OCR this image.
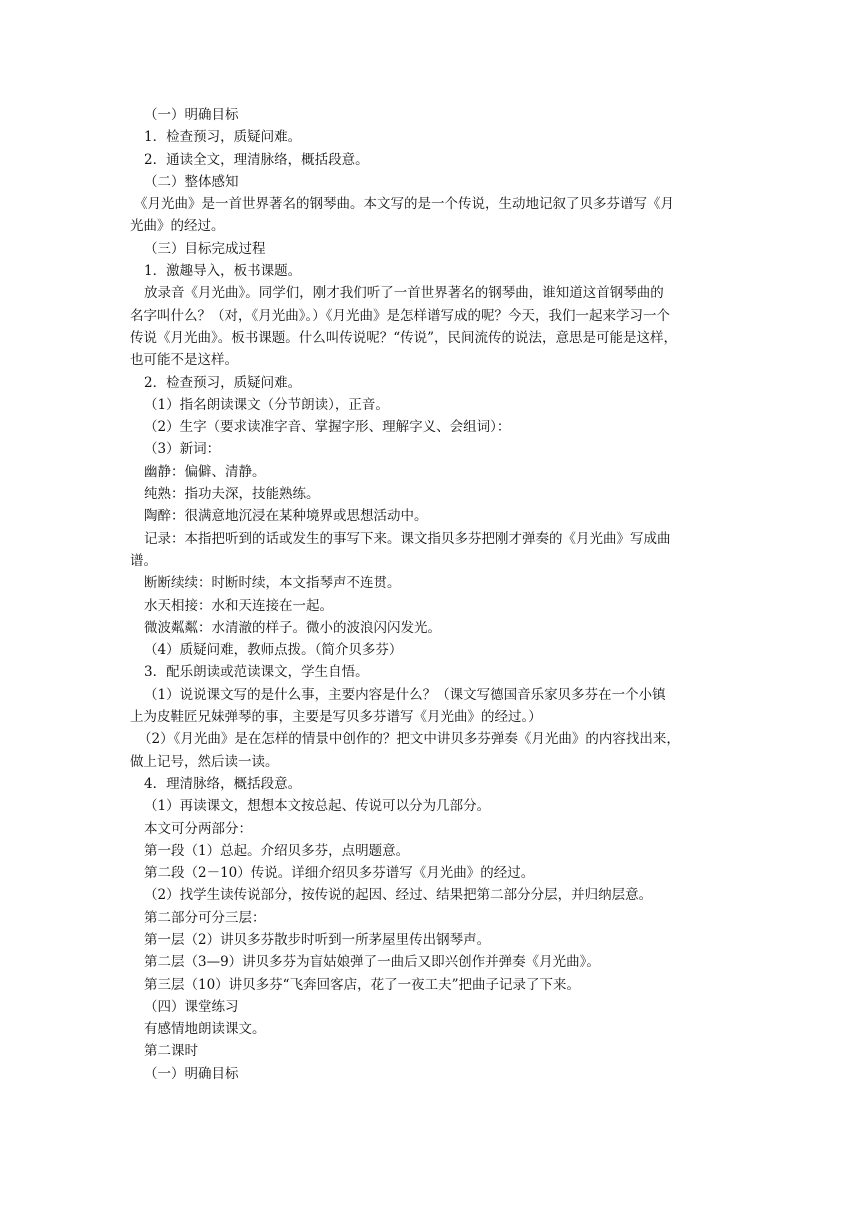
（一）明确目标
1．检查预习，质疑问难。
2．通读全文，理清脉络，概括段意。
（二）整体感知
《月光曲》是一首世界著名的钢琴曲。本文写的是一个传说，生动地记叙了贝多芬谱写《月
光曲》的经过。
（三）目标完成过程
1．激趣导入，板书课题。
放录音《月光曲》。同学们，刚才我们听了一首世界著名的钢琴曲，谁知道这首钢琴曲的
名字叫什么？（对，《月光曲》。）《月光曲》是怎样谱写成的呢？今天，我们一起来学习一个
传说《月光曲》。板书课题。什么叫传说呢？“传说”，民间流传的说法，意思是可能是这样，
也可能不是这样。
2．检查预习，质疑问难。
（1）指名朗读课文（分节朗读），正音。
（2）生字（要求读准字音、掌握字形、理解字义、会组词）：
（3）新词：
幽静：偏僻、清静。
纯熟：指功夫深，技能熟练。
陶醉：很满意地沉浸在某种境界或思想活动中。
记录：本指把听到的话或发生的事写下来。课文指贝多芬把刚才弹奏的《月光曲》写成曲
谱。
断断续续：时断时续，本文指琴声不连贯。
水天相接：水和天连接在一起。
微波粼粼：水清澈的样子。微小的波浪闪闪发光。
（4）质疑问难，教师点拨。（简介贝多芬）
3．配乐朗读或范读课文，学生自悟。
（1）说说课文写的是什么事，主要内容是什么？（课文写德国音乐家贝多芬在一个小镇
上为皮鞋匠兄妹弹琴的事，主要是写贝多芬谱写《月光曲》的经过。）
（2）《月光曲》是在怎样的情景中创作的？把文中讲贝多芬弹奏《月光曲》的内容找出来，
做上记号，然后读一读。
4．理清脉络，概括段意。
（1）再读课文，想想本文按总起、传说可以分为几部分。
本文可分两部分：
第一段（1）总起。介绍贝多芬，点明题意。
第二段（2－10）传说。详细介绍贝多芬谱写《月光曲》的经过。
（2）找学生读传说部分，按传说的起因、经过、结果把第二部分分层，并归纳层意。
第二部分可分三层：
第一层（2）讲贝多芬散步时听到一所茅屋里传出钢琴声。
第二层（3—9）讲贝多芬为盲姑娘弹了一曲后又即兴创作并弹奏《月光曲》。
第三层（10）讲贝多芬“飞奔回客店，花了一夜工夫”把曲子记录了下来。
（四）课堂练习
有感情地朗读课文。
第二课时
（一）明确目标
